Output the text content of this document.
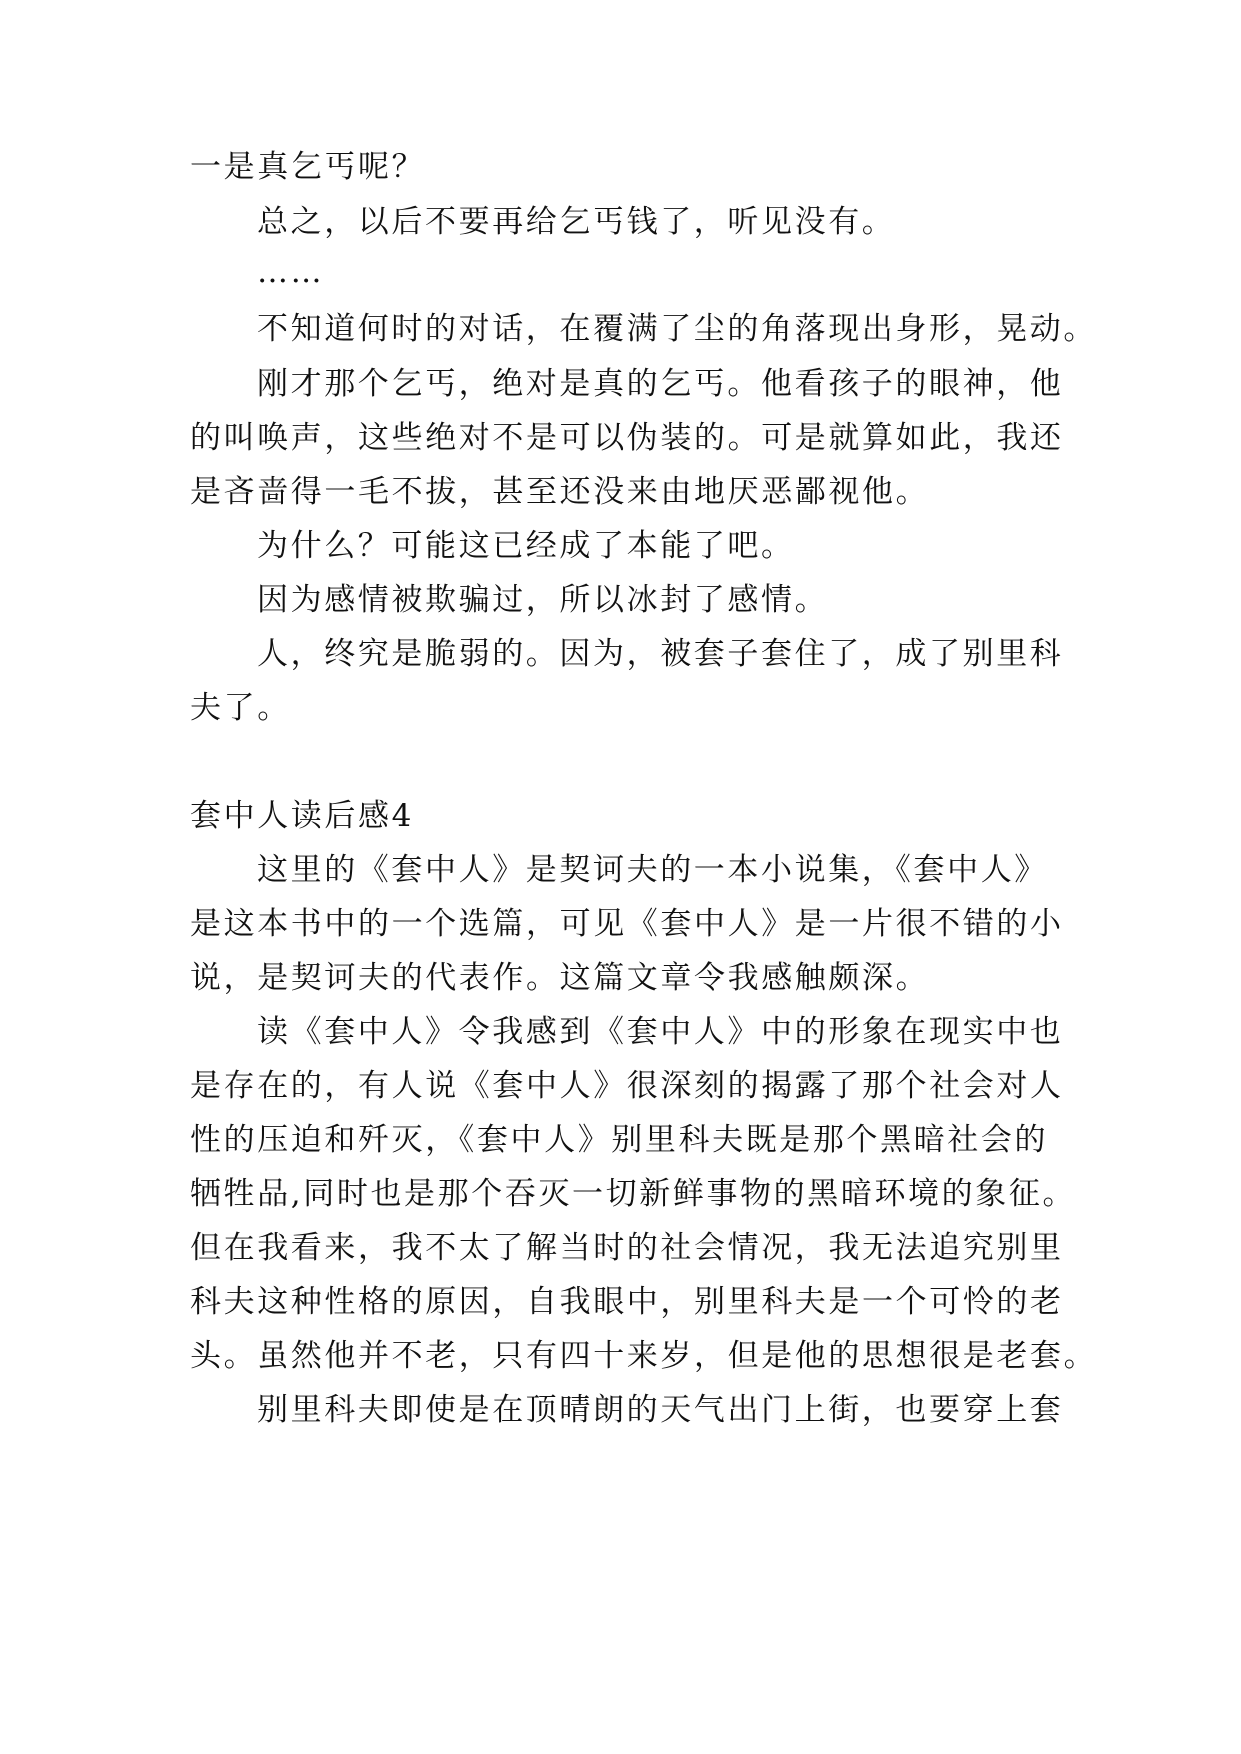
一是真乞丐呢？
总之，以后不要再给乞丐钱了，听见没有。
……
不知道何时的对话，在覆满了尘的角落现出身形，晃动。
刚才那个乞丐，绝对是真的乞丐。他看孩子的眼神，他
的叫唤声，这些绝对不是可以伪装的。可是就算如此，我还
是吝啬得一毛不拔，甚至还没来由地厌恶鄙视他。
为什么？可能这已经成了本能了吧。
因为感情被欺骗过，所以冰封了感情。
人，终究是脆弱的。因为，被套子套住了，成了别里科
夫了。
套中人读后感4
这里的《套中人》是契诃夫的一本小说集，《套中人》
是这本书中的一个选篇，可见《套中人》是一片很不错的小
说，是契诃夫的代表作。这篇文章令我感触颇深。
读《套中人》令我感到《套中人》中的形象在现实中也
是存在的，有人说《套中人》很深刻的揭露了那个社会对人
性的压迫和歼灭，《套中人》别里科夫既是那个黑暗社会的
牺牲品,同时也是那个吞灭一切新鲜事物的黑暗环境的象征。
但在我看来，我不太了解当时的社会情况，我无法追究别里
科夫这种性格的原因，自我眼中，别里科夫是一个可怜的老
头。虽然他并不老，只有四十来岁，但是他的思想很是老套。
别里科夫即使是在顶晴朗的天气出门上街，也要穿上套
